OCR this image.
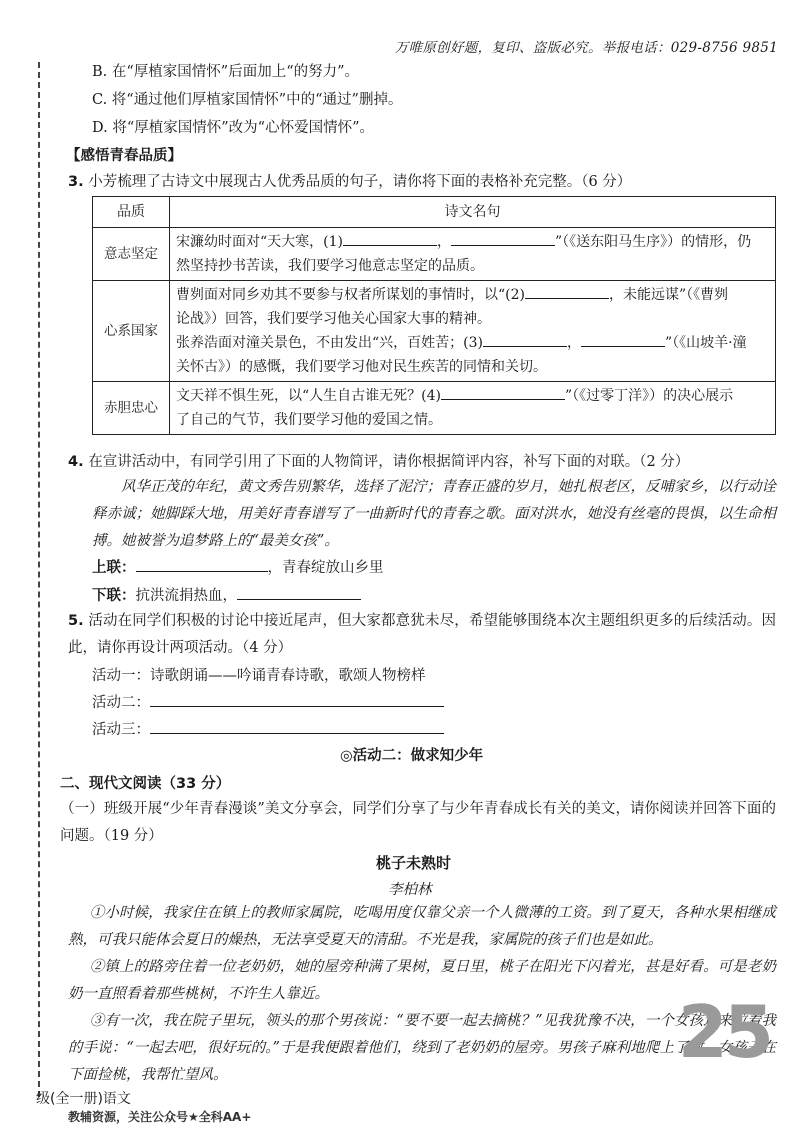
万唯原创好题，复印、盗版必究。举报电话：029-8756 9851
B. 在“厚植家国情怀”后面加上“的努力”。
C. 将“通过他们厚植家国情怀”中的“通过”删掉。
D. 将“厚植家国情怀”改为“心怀爱国情怀”。
【感悟青春品质】
3. 小芳梳理了古诗文中展现古人优秀品质的句子，请你将下面的表格补充完整。（6 分）
品质	诗文名句
意志坚定	宋濂幼时面对“天大寒，(1) ， ”（《送东阳马生序》）的情形，仍
然坚持抄书苦读，我们要学习他意志坚定的品质。
心系国家	曹刿面对同乡劝其不要参与权者所谋划的事情时，以“(2) ，未能远谋”（《曹刿
论战》）回答，我们要学习他关心国家大事的精神。
张养浩面对潼关景色，不由发出“兴，百姓苦；(3) ， ”（《山坡羊·潼
关怀古》）的感慨，我们要学习他对民生疾苦的同情和关切。
赤胆忠心	文天祥不惧生死，以“人生自古谁无死？(4) ”（《过零丁洋》）的决心展示
了自己的气节，我们要学习他的爱国之情。
4. 在宣讲活动中，有同学引用了下面的人物简评，请你根据简评内容，补写下面的对联。（2 分）
风华正茂的年纪，黄文秀告别繁华，选择了泥泞；青春正盛的岁月，她扎根老区，反哺家乡，以行动诠释赤诚；她脚踩大地，用美好青春谱写了一曲新时代的青春之歌。面对洪水，她没有丝毫的畏惧，以生命相搏。她被誉为追梦路上的“最美女孩”。
上联：	，青春绽放山乡里
下联：抗洪流捐热血，
5. 活动在同学们积极的讨论中接近尾声，但大家都意犹未尽，希望能够围绕本次主题组织更多的后续活动。因此，请你再设计两项活动。（4 分）
活动一：诗歌朗诵——吟诵青春诗歌，歌颂人物榜样
活动二：
活动三：
◎活动二：做求知少年
二、现代文阅读（33 分）
（一）班级开展“少年青春漫谈”美文分享会，同学们分享了与少年青春成长有关的美文，请你阅读并回答下面的问题。（19 分）
桃子未熟时
李柏林
①小时候，我家住在镇上的教师家属院，吃喝用度仅靠父亲一个人微薄的工资。到了夏天，各种水果相继成熟，可我只能体会夏日的燥热，无法享受夏天的清甜。不光是我，家属院的孩子们也是如此。
②镇上的路旁住着一位老奶奶，她的屋旁种满了果树，夏日里，桃子在阳光下闪着光，甚是好看。可是老奶奶一直照看着那些桃树，不许生人靠近。
③有一次，我在院子里玩，领头的那个男孩说：“要不要一起去摘桃？”见我犹豫不决，一个女孩过来拉着我的手说：“一起去吧，很好玩的。”于是我便跟着他们，绕到了老奶奶的屋旁。男孩子麻利地爬上了树，女孩子在下面捡桃，我帮忙望风。
25
级(全一册)语文
教辅资源，关注公众号★全科AA+
